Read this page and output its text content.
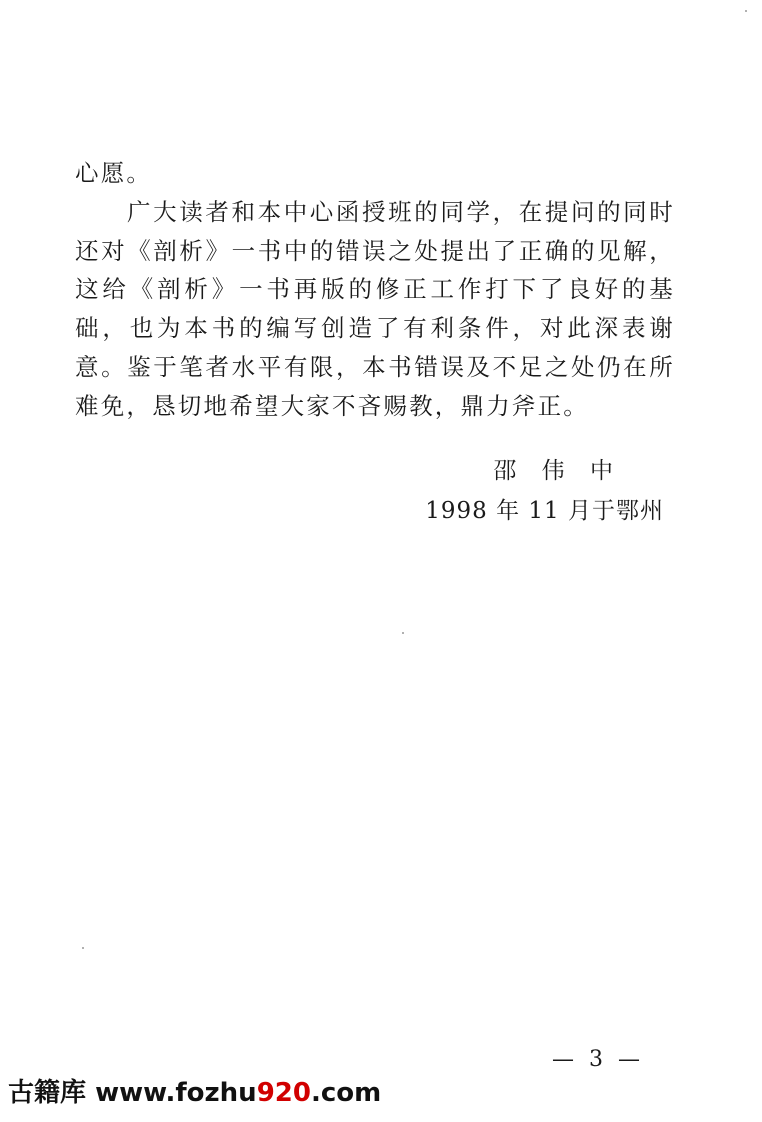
心愿。

广大读者和本中心函授班的同学，在提问的同时还对《剖析》一书中的错误之处提出了正确的见解，这给《剖析》一书再版的修正工作打下了良好的基础，也为本书的编写创造了有利条件，对此深表谢意。鉴于笔者水平有限，本书错误及不足之处仍在所难免，恳切地希望大家不吝赐教，鼎力斧正。

邵 伟 中

1998 年 11 月于鄂州

— 3 —
古籍库 www.fozhu920.com
